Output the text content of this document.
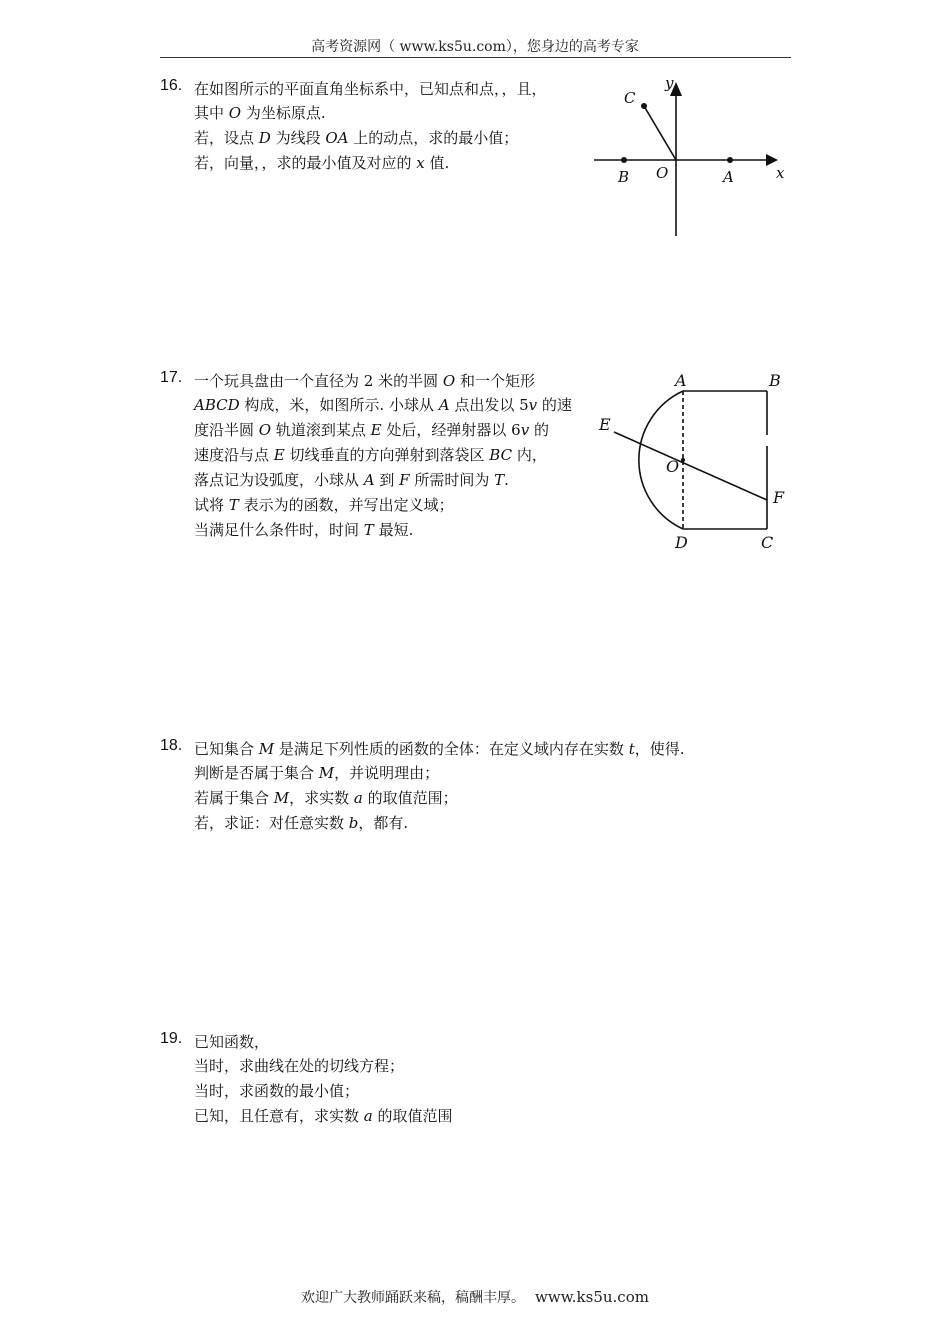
高考资源网（ www.ks5u.com），您身边的高考专家
16. 在如图所示的平面直角坐标系中，已知点和点，，且，
其中 O 为坐标原点.
若，设点 D 为线段 OA 上的动点，求的最小值；
若，向量，，求的最小值及对应的 x 值.
y
x
C
B O	A
17. 一个玩具盘由一个直径为 2 米的半圆 O 和一个矩形
ABCD 构成，米，如图所示. 小球从 A 点出发以 5v 的速
度沿半圆 O 轨道滚到某点 E 处后，经弹射器以 6v 的
速度沿与点 E 切线垂直的方向弹射到落袋区 BC 内，
落点记为设弧度，小球从 A 到 F 所需时间为 T.
试将 T 表示为的函数，并写出定义域；
当满足什么条件时，时间 T 最短.
A	B
E
O
F
D	C
18. 已知集合 M 是满足下列性质的函数的全体：在定义域内存在实数 t，使得.
判断是否属于集合 M，并说明理由；
若属于集合 M，求实数 a 的取值范围；
若，求证：对任意实数 b，都有.
19. 已知函数，
当时，求曲线在处的切线方程；
当时，求函数的最小值；
已知，且任意有，求实数 a 的取值范围
欢迎广大教师踊跃来稿，稿酬丰厚。 www.ks5u.com
